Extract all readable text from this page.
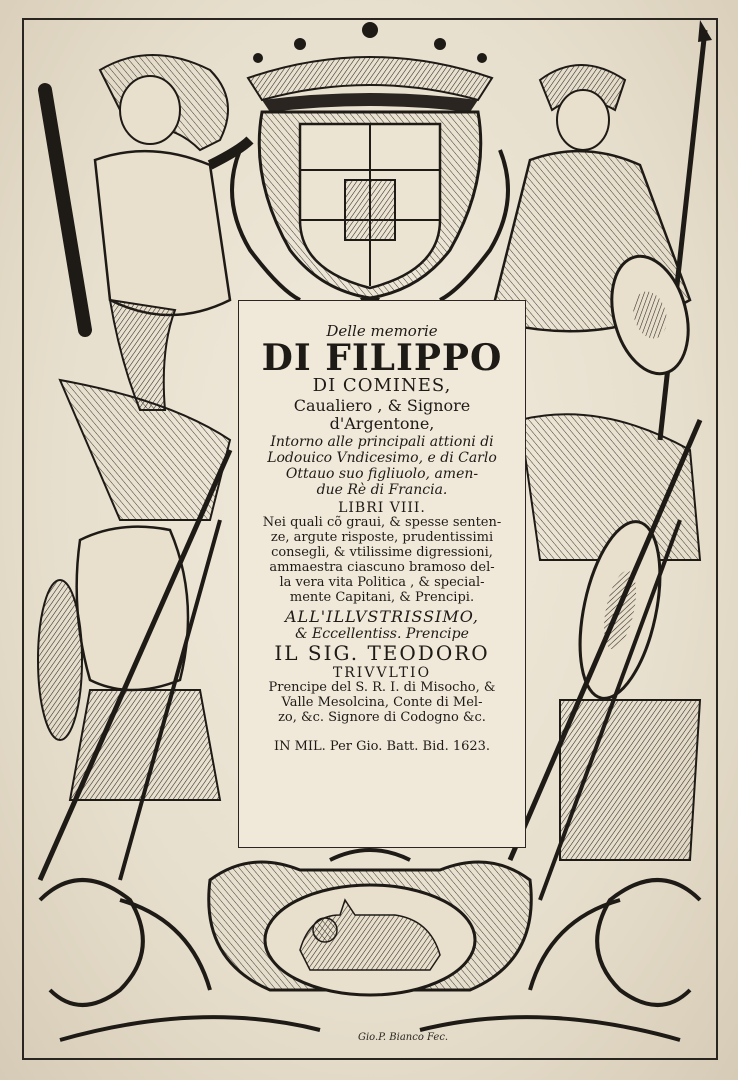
Delle memorie
DI FILIPPO
DI COMINES,
Caualiero , & Signore
d'Argentone,
Intorno alle principali attioni di
Lodouico Vndicesimo, e di Carlo
Ottauo suo figliuolo, amen-
due Rè di Francia.
LIBRI VIII.
Nei quali cõ graui, & spesse senten-
ze, argute risposte, prudentissimi
consegli, & vtilissime digressioni,
ammaestra ciascuno bramoso del-
la vera vita Politica , & special-
mente Capitani, & Prencipi.
ALL'ILLVSTRISSIMO,
& Eccellentiss. Prencipe
IL SIG. TEODORO
TRIVVLTIO
Prencipe del S. R. I. di Misocho, &
Valle Mesolcina, Conte di Mel-
zo, &c. Signore di Codogno &c.
IN MIL. Per Gio. Batt. Bid. 1623.
Gio.P. Bianco Fec.
